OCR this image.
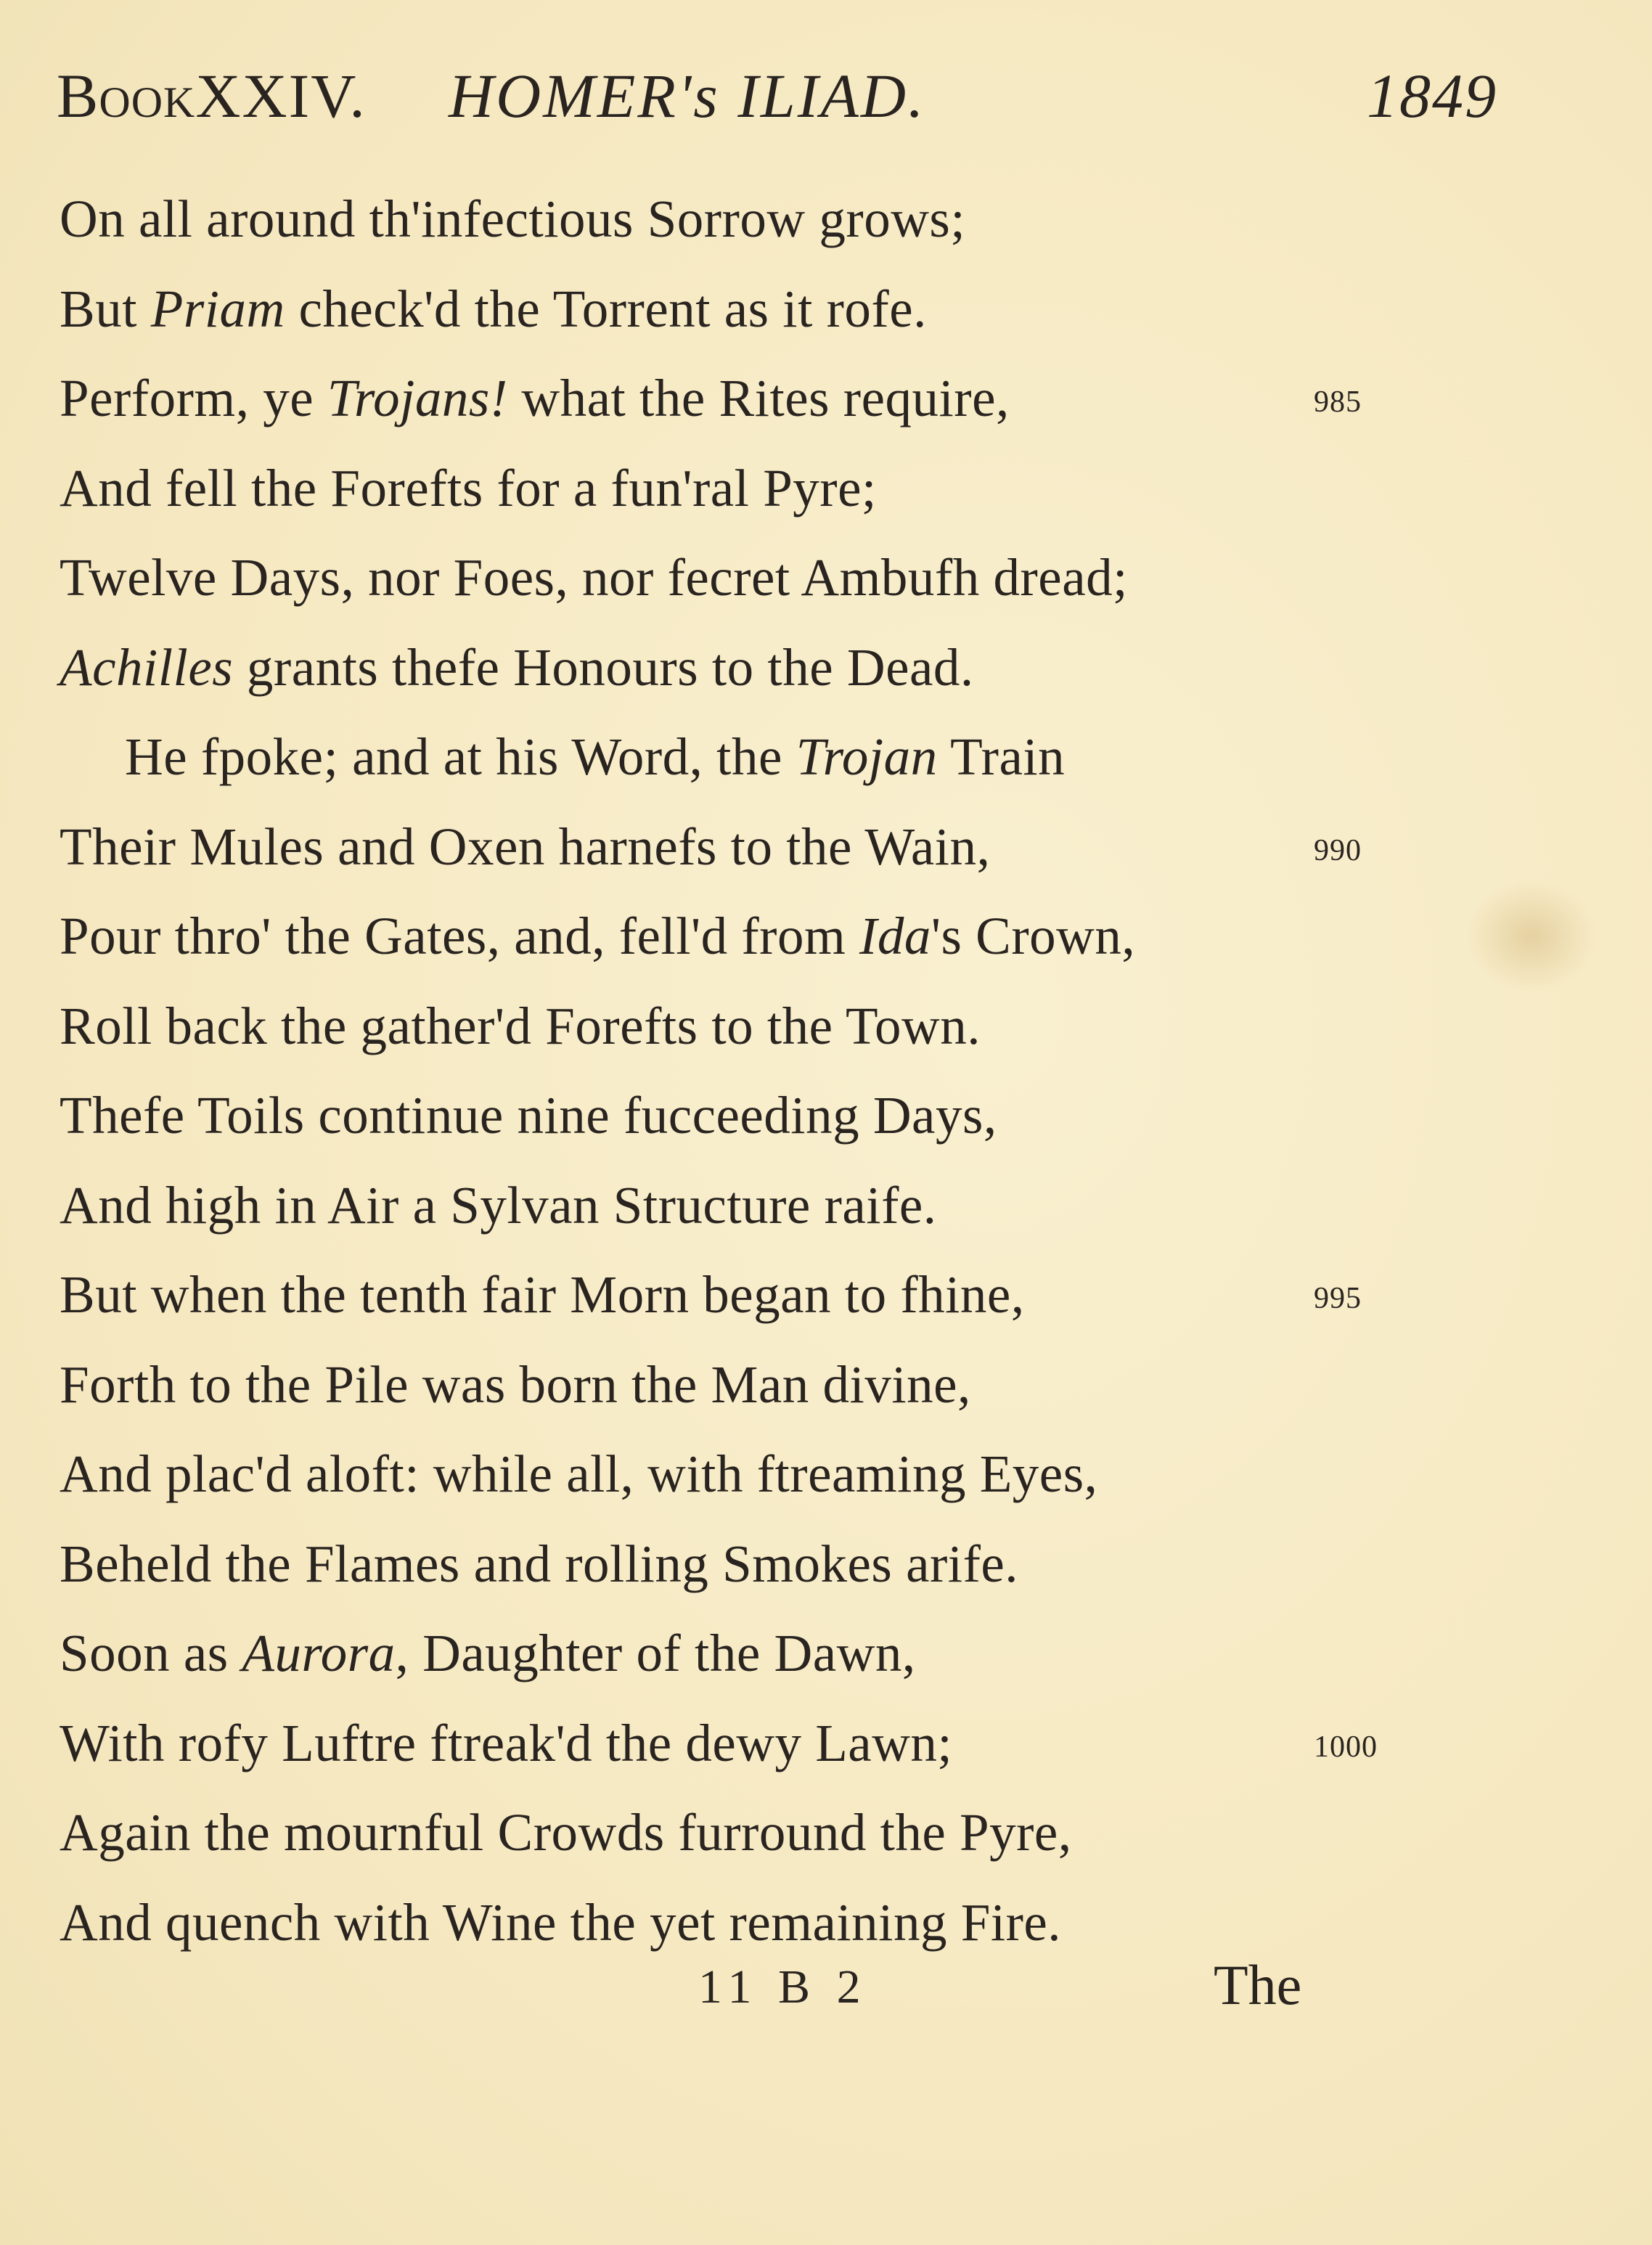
BookXXIV. HOMER's ILIAD.	1849
On all around th'infectious Sorrow grows;
But Priam check'd the Torrent as it rofe.
Perform, ye Trojans! what the Rites require,	985
And fell the Forefts for a fun'ral Pyre;
Twelve Days, nor Foes, nor fecret Ambufh dread;
Achilles grants thefe Honours to the Dead.
He fpoke; and at his Word, the Trojan Train
Their Mules and Oxen harnefs to the Wain,	990
Pour thro' the Gates, and, fell'd from Ida's Crown,
Roll back the gather'd Forefts to the Town.
Thefe Toils continue nine fucceeding Days,
And high in Air a Sylvan Structure raife.
But when the tenth fair Morn began to fhine,	995
Forth to the Pile was born the Man divine,
And plac'd aloft: while all, with ftreaming Eyes,
Beheld the Flames and rolling Smokes arife.
Soon as Aurora, Daughter of the Dawn,
With rofy Luftre ftreak'd the dewy Lawn;	1000
Again the mournful Crowds furround the Pyre,
And quench with Wine the yet remaining Fire.
11 B 2	The
